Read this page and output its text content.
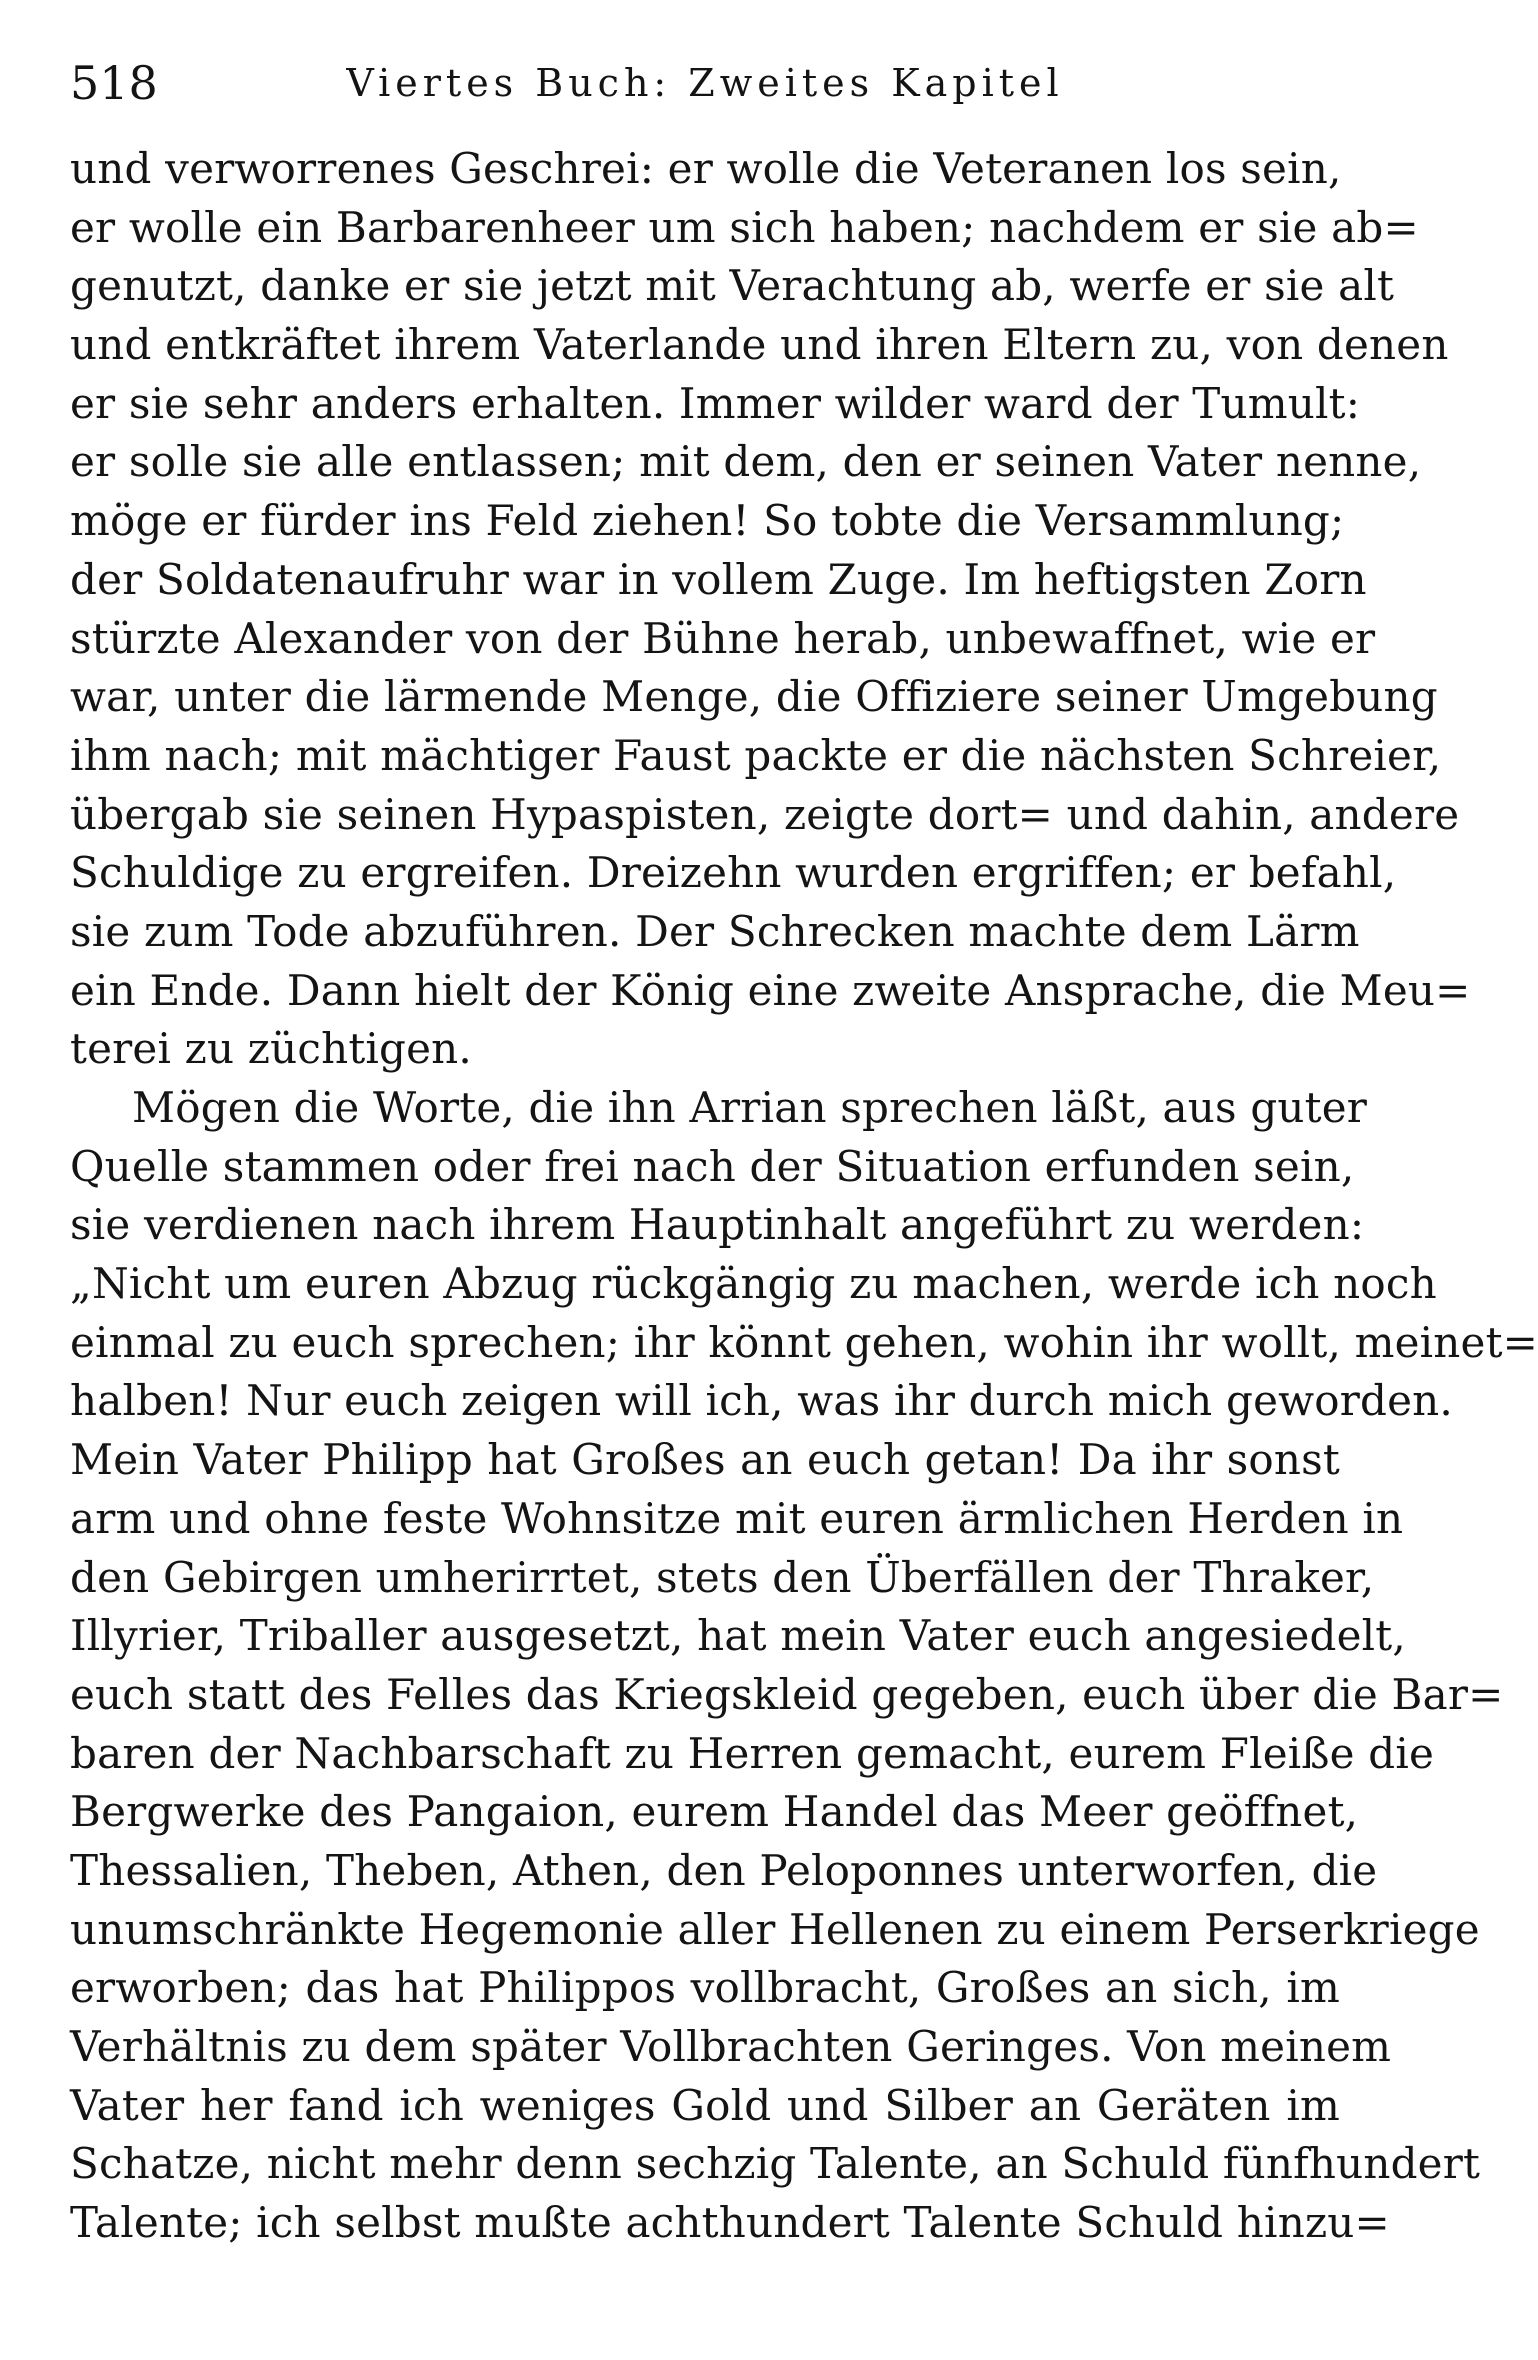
518	Viertes Buch: Zweites Kapitel
und verworrenes Geschrei: er wolle die Veteranen los sein,
er wolle ein Barbarenheer um sich haben; nachdem er sie ab=
genutzt, danke er sie jetzt mit Verachtung ab, werfe er sie alt
und entkräftet ihrem Vaterlande und ihren Eltern zu, von denen
er sie sehr anders erhalten. Immer wilder ward der Tumult:
er solle sie alle entlassen; mit dem, den er seinen Vater nenne,
möge er fürder ins Feld ziehen! So tobte die Versammlung;
der Soldatenaufruhr war in vollem Zuge. Im heftigsten Zorn
stürzte Alexander von der Bühne herab, unbewaffnet, wie er
war, unter die lärmende Menge, die Offiziere seiner Umgebung
ihm nach; mit mächtiger Faust packte er die nächsten Schreier,
übergab sie seinen Hypaspisten, zeigte dort= und dahin, andere
Schuldige zu ergreifen. Dreizehn wurden ergriffen; er befahl,
sie zum Tode abzuführen. Der Schrecken machte dem Lärm
ein Ende. Dann hielt der König eine zweite Ansprache, die Meu=
terei zu züchtigen.
Mögen die Worte, die ihn Arrian sprechen läßt, aus guter
Quelle stammen oder frei nach der Situation erfunden sein,
sie verdienen nach ihrem Hauptinhalt angeführt zu werden:
„Nicht um euren Abzug rückgängig zu machen, werde ich noch
einmal zu euch sprechen; ihr könnt gehen, wohin ihr wollt, meinet=
halben! Nur euch zeigen will ich, was ihr durch mich geworden.
Mein Vater Philipp hat Großes an euch getan! Da ihr sonst
arm und ohne feste Wohnsitze mit euren ärmlichen Herden in
den Gebirgen umherirrtet, stets den Überfällen der Thraker,
Illyrier, Triballer ausgesetzt, hat mein Vater euch angesiedelt,
euch statt des Felles das Kriegskleid gegeben, euch über die Bar=
baren der Nachbarschaft zu Herren gemacht, eurem Fleiße die
Bergwerke des Pangaion, eurem Handel das Meer geöffnet,
Thessalien, Theben, Athen, den Peloponnes unterworfen, die
unumschränkte Hegemonie aller Hellenen zu einem Perserkriege
erworben; das hat Philippos vollbracht, Großes an sich, im
Verhältnis zu dem später Vollbrachten Geringes. Von meinem
Vater her fand ich weniges Gold und Silber an Geräten im
Schatze, nicht mehr denn sechzig Talente, an Schuld fünfhundert
Talente; ich selbst mußte achthundert Talente Schuld hinzu=
